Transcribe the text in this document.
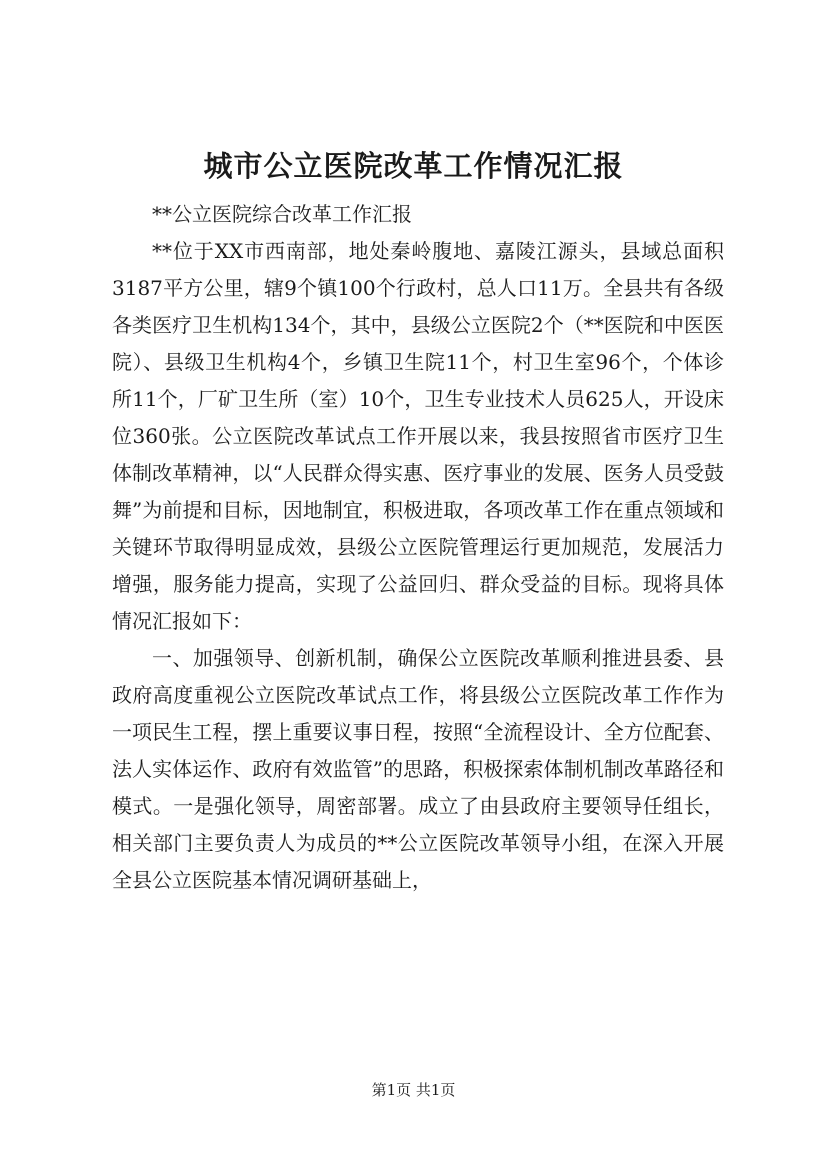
城市公立医院改革工作情况汇报

**公立医院综合改革工作汇报

**位于XX市西南部，地处秦岭腹地、嘉陵江源头，县域总面积3187平方公里，辖9个镇100个行政村，总人口11万。全县共有各级各类医疗卫生机构134个，其中，县级公立医院2个（**医院和中医医院）、县级卫生机构4个，乡镇卫生院11个，村卫生室96个，个体诊所11个，厂矿卫生所（室）10个，卫生专业技术人员625人，开设床位360张。公立医院改革试点工作开展以来，我县按照省市医疗卫生体制改革精神，以“人民群众得实惠、医疗事业的发展、医务人员受鼓舞”为前提和目标，因地制宜，积极进取，各项改革工作在重点领域和关键环节取得明显成效，县级公立医院管理运行更加规范，发展活力增强，服务能力提高，实现了公益回归、群众受益的目标。现将具体情况汇报如下：

一、加强领导、创新机制，确保公立医院改革顺利推进县委、县政府高度重视公立医院改革试点工作，将县级公立医院改革工作作为一项民生工程，摆上重要议事日程，按照“全流程设计、全方位配套、法人实体运作、政府有效监管”的思路，积极探索体制机制改革路径和模式。一是强化领导，周密部署。成立了由县政府主要领导任组长，相关部门主要负责人为成员的**公立医院改革领导小组，在深入开展全县公立医院基本情况调研基础上，

第1页 共1页
